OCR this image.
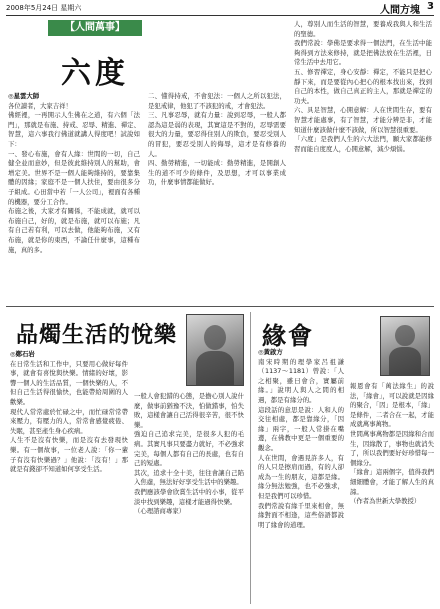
2008年5月24日 星期六	人間方塊 3
【人間萬事】
六度
◎星雲大師

各位讀者，大家吉祥！
佛經裡，一再開示人生佛在之道，有六個「法門」，那就是布施、持戒、忍辱、精進、禪定、智慧，這六事我行佛道就講人得度吧！試說如下：
一、發心布施，會有人緣：世間的一切，自己健全並而意妙，但是彼此維持別人的幫助，會增定美。世界不是一個人能夠維持的，要靠集體的因緣；家庭不是一個人扶住，要由很多分子組成。心田當中若「一人公司」，裡面有各種的機器，要分工合作。
布施之後，大家才有關係，不能成就，就可以布施自己，好的，就是布施，就可以布施；凡有自己若有利，可以去做，他能夠布施，又有布施，就是你的東西，不論任什麼事，這種布施，真的多。

二、懂得持戒，不會犯法：一個人之所以犯法，是犯戒律，他犯了不該犯的戒，才會犯法。
三、凡事忍辱，就有力量：說到忍辱，一般人都認為這是弱的表現，其實這是不對的，忍辱需要很大的力量，要忍得住別人的欺負，要忍受別人的冒犯，要忍受別人的侮辱，這才是有修養的人。
四、勤勞精進，一切能成：勤勞精進，是開創人生的道不可少的條件，及思想，才可以事業成功，什麼事情都能做好。
人，尊別人而生活的智慧，要養成我與人和生活的聖德。
我們常說：學佛是要求得一個法門，在生活中能夠得到方法來修持，就是把佛法放在生活裡，日常生活中去用它。
五、修習禪定，身心安靜：禪定，不能只是把心靜下來，而是要從內心把心的根本找出來，找到自己的本性，做自己真正的主人，那就是禪定的功夫。
六、具足智慧，心開意解：人在世間生存，要有智慧才能處事，有了智慧，才能分辨是非，才能知道什麼該做什麼不該做，所以智慧很重要。
「六度」是我們人生的六大法門，願大家都能修習而能自度度人，心開意解，減少煩惱。
品燭生活的悅樂
◎鄭石岩

在日常生活和工作中，只要用心做好每件事，就會有喜悅與快樂。情緒的好壞，影響一個人的生活品質，一個快樂的人，不但自己生活得很愉快，也能帶給周圍的人歡樂。
現代人常常處於忙碌之中，而忙碌常常帶來壓力，有壓力的人，常常會感覺疲倦、失眠，甚至產生身心疾病。
人生不是沒有快樂，而是沒有去發現快樂。有一個故事，一位老人說：「你一輩子有沒有快樂過？」他說：「沒有！」那就是有錢卻不知道如何享受生活。

一般人會犯錯的心態，是擔心別人說什麼，做事前猶豫不決，怕做錯事，怕失敗，這樣會讓自己活得很辛苦，很不快樂。
強迫自己追求完美，是很多人犯的毛病。其實凡事只要盡力就好，不必強求完美，每個人都有自己的長處，也有自己的短處。
其次，追求十全十美，往往會讓自己陷入焦慮，無法好好享受生活中的樂趣。
我們應該學會欣賞生活中的小事，從平淡中找到樂趣，這樣才能過得快樂。
（心理諮商專家）
緣會
◎黃啟方

南宋時期的理學家呂祖謙（1137～1181）曾說：「人之相聚，雖曰會合，實屬前緣。」說明人與人之間的相遇，都是有緣分的。
這段話的意思是說：人和人的交往相處，都是靠緣分，「因緣」兩字，一般人常掛在嘴邊，在佛教中更是一個重要的觀念。
人在世間，會遇見許多人，有的人只是擦肩而過，有的人卻成為一生的朋友，這都是緣。緣分無法勉強，也不必強求，但是我們可以珍惜。
我們常說有緣千里來相會，無緣對面不相逢，這些俗語都說明了緣會的道理。

報恩會有「萬法緣生」的說法，「緣會」，可以說就是因緣的聚合，「因」是根本，「緣」是條件，二者合在一起，才能成就萬事萬物。
世間萬事萬物都是因緣和合而生，因緣散了，事物也就消失了，所以我們要好好珍惜每一個緣分。
「緣會」這兩個字，值得我們細細體會，才能了解人生的真諦。
（作者為世新大學教授）
